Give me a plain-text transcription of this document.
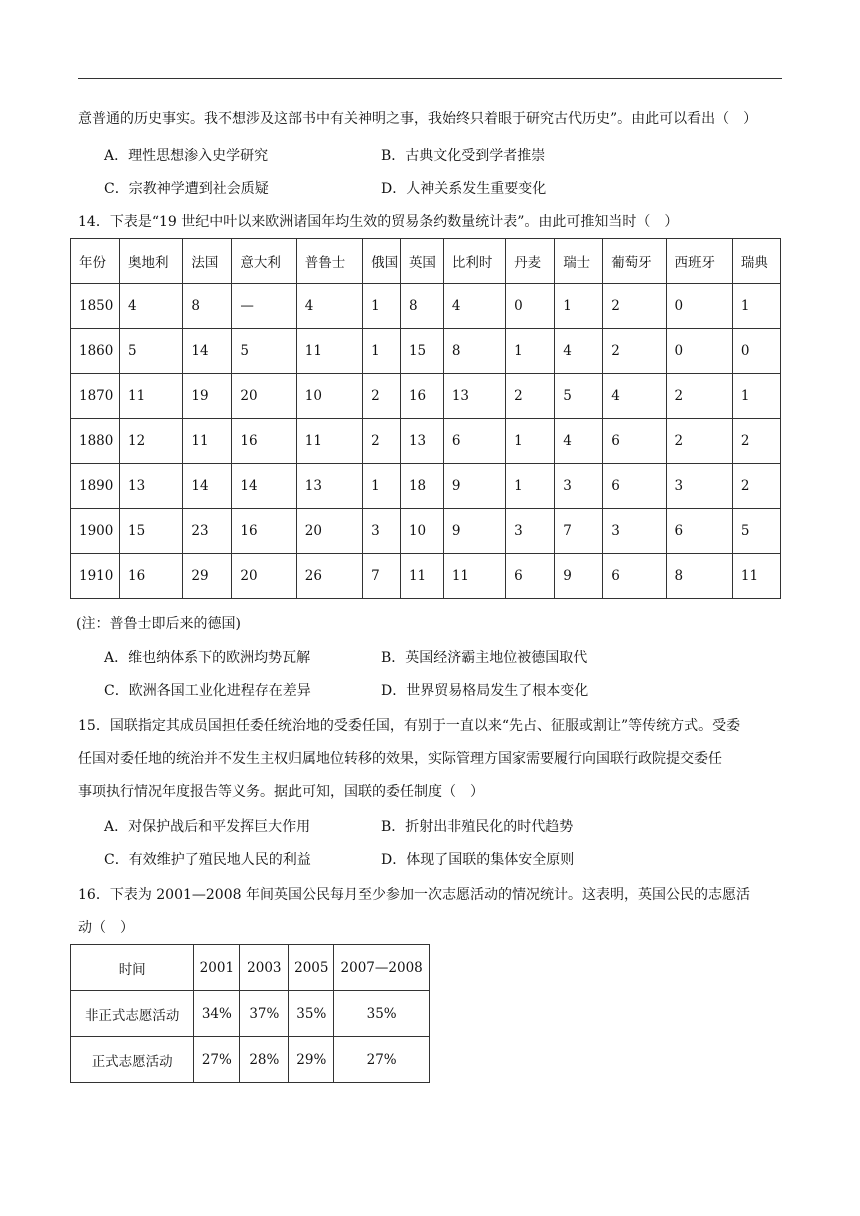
意普通的历史事实。我不想涉及这部书中有关神明之事，我始终只着眼于研究古代历史”。由此可以看出（　）
A．理性思想渗入史学研究	B．古典文化受到学者推崇
C．宗教神学遭到社会质疑	D．人神关系发生重要变化
14．下表是“19 世纪中叶以来欧洲诸国年均生效的贸易条约数量统计表”。由此可推知当时（　）
年份	奥地利	法国	意大利	普鲁士	俄国	英国	比利时	丹麦	瑞士	葡萄牙	西班牙	瑞典
1850	4	8	—	4	1	8	4	0	1	2	0	1
1860	5	14	5	11	1	15	8	1	4	2	0	0
1870	11	19	20	10	2	16	13	2	5	4	2	1
1880	12	11	16	11	2	13	6	1	4	6	2	2
1890	13	14	14	13	1	18	9	1	3	6	3	2
1900	15	23	16	20	3	10	9	3	7	3	6	5
1910	16	29	20	26	7	11	11	6	9	6	8	11
(注：普鲁士即后来的德国)
A．维也纳体系下的欧洲均势瓦解	B．英国经济霸主地位被德国取代
C．欧洲各国工业化进程存在差异	D．世界贸易格局发生了根本变化
15．国联指定其成员国担任委任统治地的受委任国，有别于一直以来“先占、征服或割让”等传统方式。受委
任国对委任地的统治并不发生主权归属地位转移的效果，实际管理方国家需要履行向国联行政院提交委任
事项执行情况年度报告等义务。据此可知，国联的委任制度（　）
A．对保护战后和平发挥巨大作用	B．折射出非殖民化的时代趋势
C．有效维护了殖民地人民的利益	D．体现了国联的集体安全原则
16．下表为 2001—2008 年间英国公民每月至少参加一次志愿活动的情况统计。这表明，英国公民的志愿活
动（　）
时间	2001	2003	2005	2007—2008
非正式志愿活动	34%	37%	35%	35%
正式志愿活动	27%	28%	29%	27%
